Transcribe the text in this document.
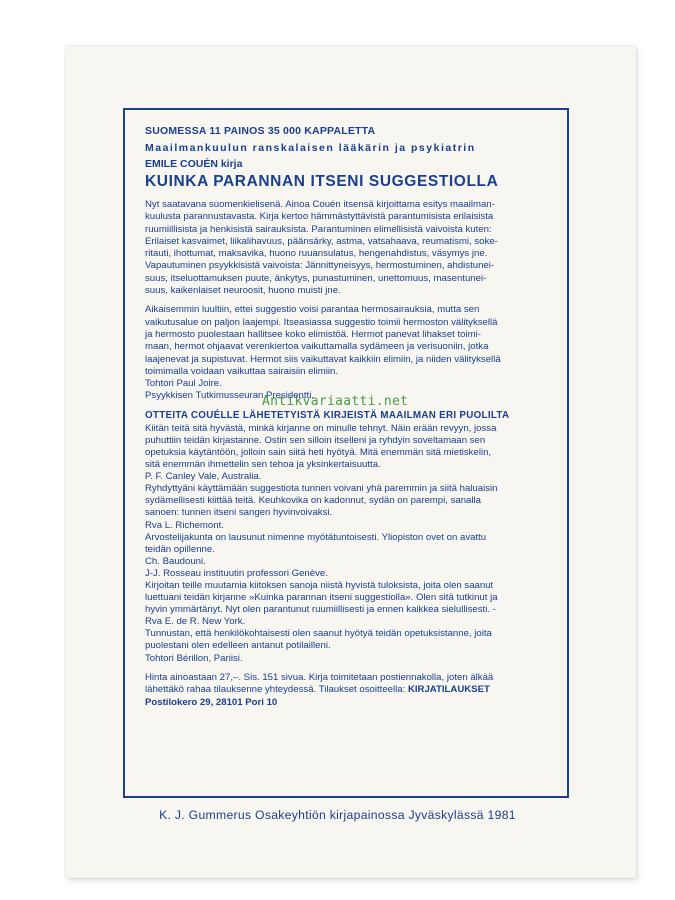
SUOMESSA 11 PAINOS 35 000 KAPPALETTA
Maailmankuulun ranskalaisen lääkärin ja psykiatrin
EMILE COUÉN kirja
KUINKA PARANNAN ITSENI SUGGESTIOLLA

Nyt saatavana suomenkielisenä. Ainoa Couén itsensä kirjoittama esitys maailman-

kuulusta parannustavasta. Kirja kertoo hämmästyttävistä parantumisista erilaisista

ruumiillisista ja henkisistä sairauksista. Parantuminen elimellisistä vaivoista kuten:

Erilaiset kasvaimet, liikalihavuus, päänsärky, astma, vatsahaava, reumatismi, soke-

ritauti, ihottumat, maksavika, huono ruuansulatus, hengenahdistus, väsymys jne.

Vapautuminen psyykkisistä vaivoista: Jännittyneisyys, hermostuminen, ahdistunei-

suus, itseluottamuksen puute, änkytys, punastuminen, unettomuus, masentunei-

suus, kaikenlaiset neuroosit, huono muisti jne.

Aikaisemmin luultiin, ettei suggestio voisi parantaa hermosairauksia, mutta sen

vaikutusalue on paljon laajempi. Itseasiassa suggestio toimii hermoston välityksellä

ja hermosto puolestaan hallitsee koko elimistöä. Hermot panevat lihakset toimi-

maan, hermot ohjaavat verenkiertoa vaikuttamalla sydämeen ja verisuoniin, jotka

laajenevat ja supistuvat. Hermot siis vaikuttavat kaikkiin elimiin, ja niiden välityksellä

toimimalla voidaan vaikuttaa sairaisiin elimiin.

Tohtori Paul Joire.

Psyykkisen Tutkimusseuran Presidentti.

OTTEITA COUÉLLE LÄHETETYISTÄ KIRJEISTÄ MAAILMAN ERI PUOLILTA

Kiitän teitä sitä hyvästä, minkä kirjanne on minulle tehnyt. Näin erään revyyn, jossa

puhuttiin teidän kirjastanne. Ostin sen silloin itselleni ja ryhdyin soveltamaan sen

opetuksia käytäntöön, jolloin sain siitä heti hyötyä. Mitä enemmän sitä mietiskelin,

sitä enemmän ihmettelin sen tehoa ja yksinkertaisuutta.

P. F. Canley Vale, Australia.

Ryhdyttyäni käyttämään suggestiota tunnen voivani yhä paremmin ja siitä haluaisin

sydämellisesti kiittää teitä. Keuhkovika on kadonnut, sydän on parempi, sanalla

sanoen: tunnen itseni sangen hyvinvoivaksi.

Rva L. Richemont.

Arvostelijakunta on lausunut nimenne myötätuntoisesti. Yliopiston ovet on avattu

teidän opillenne.

Ch. Baudouni.

J-J. Rosseau instituutin professori Genève.

Kirjoitan teille muutamia kiitoksen sanoja niistä hyvistä tuloksista, joita olen saanut

luettuani teidän kirjanne »Kuinka parannan itseni suggestiolla». Olen sitä tutkinut ja

hyvin ymmärtänyt. Nyt olen parantunut ruumiillisesti ja ennen kaikkea sielullisesti. -

Rva E. de R. New York.

Tunnustan, että henkilökohtaisesti olen saanut hyötyä teidän opetuksistanne, joita

puolestani olen edelleen antanut potilailleni.

Tohtori Bérillon, Pariisi.

Hinta ainoastaan 27,–. Sis. 151 sivua. Kirja toimitetaan postiennakolla, joten älkää

lähettäkö rahaa tilauksenne yhteydessä. Tilaukset osoitteella: KIRJATILAUKSET

Postilokero 29, 28101 Pori 10

K. J. Gummerus Osakeyhtiön kirjapainossa Jyväskylässä 1981
Antikvariaatti.net
